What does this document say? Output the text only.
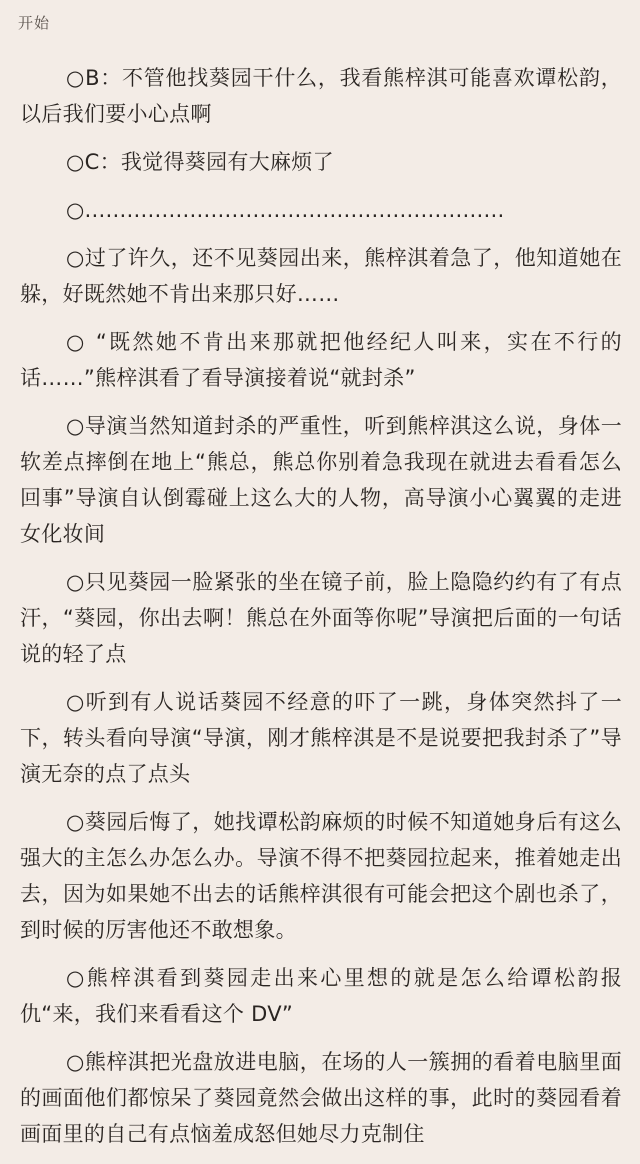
开始

○B：不管他找葵园干什么，我看熊梓淇可能喜欢谭松韵，以后我们要小心点啊

○C：我觉得葵园有大麻烦了

○……………………………………………………

○过了许久，还不见葵园出来，熊梓淇着急了，他知道她在躲，好既然她不肯出来那只好……

○ “既然她不肯出来那就把他经纪人叫来，实在不行的话……”熊梓淇看了看导演接着说“就封杀”

○导演当然知道封杀的严重性，听到熊梓淇这么说，身体一软差点摔倒在地上“熊总，熊总你别着急我现在就进去看看怎么回事”导演自认倒霉碰上这么大的人物，高导演小心翼翼的走进女化妆间

○只见葵园一脸紧张的坐在镜子前，脸上隐隐约约有了有点汗，“葵园，你出去啊！熊总在外面等你呢”导演把后面的一句话说的轻了点

○听到有人说话葵园不经意的吓了一跳，身体突然抖了一下，转头看向导演“导演，刚才熊梓淇是不是说要把我封杀了”导演无奈的点了点头

○葵园后悔了，她找谭松韵麻烦的时候不知道她身后有这么强大的主怎么办怎么办。导演不得不把葵园拉起来，推着她走出去，因为如果她不出去的话熊梓淇很有可能会把这个剧也杀了，到时候的厉害他还不敢想象。

○熊梓淇看到葵园走出来心里想的就是怎么给谭松韵报仇“来，我们来看看这个 DV”

○熊梓淇把光盘放进电脑，在场的人一簇拥的看着电脑里面的画面他们都惊呆了葵园竟然会做出这样的事，此时的葵园看着画面里的自己有点恼羞成怒但她尽力克制住
